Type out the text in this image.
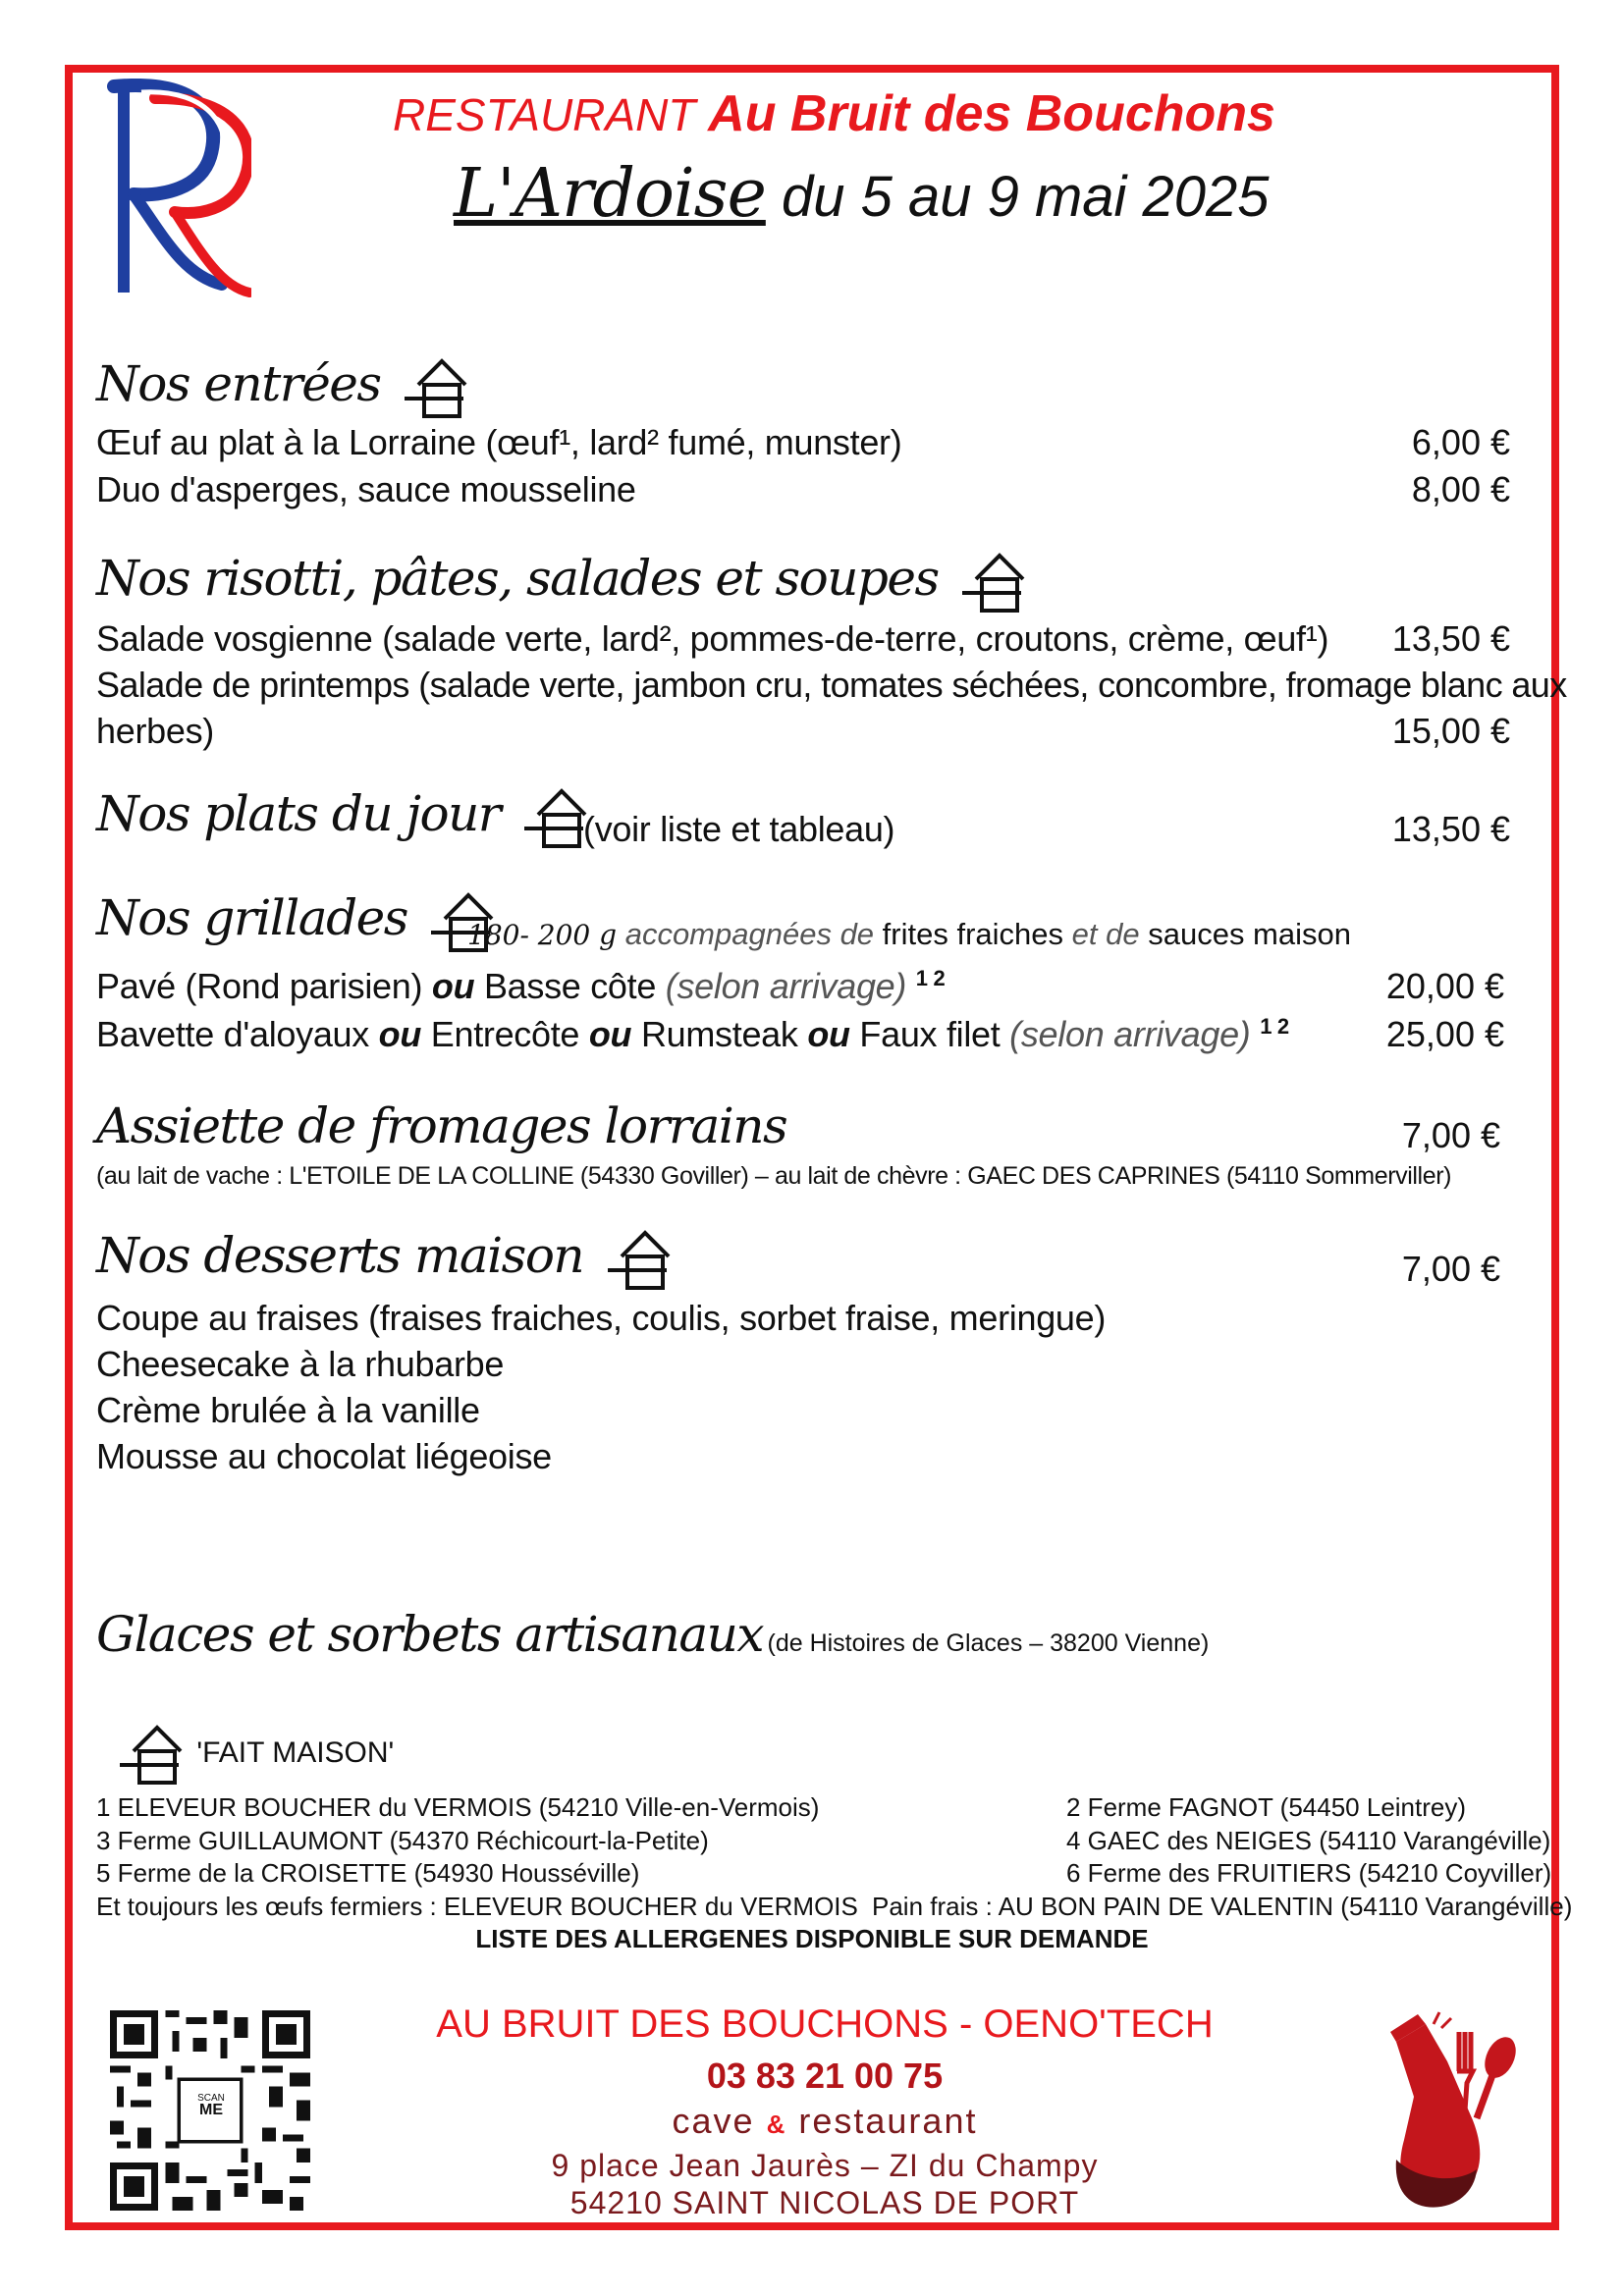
RESTAURANT Au Bruit des Bouchons
L'Ardoise du 5 au 9 mai 2025
Nos entrées
Œuf au plat à la Lorraine (œuf¹, lard² fumé, munster)	6,00 €
Duo d'asperges, sauce mousseline	8,00 €
Nos risotti, pâtes, salades et soupes
Salade vosgienne (salade verte, lard², pommes-de-terre, croutons, crème, œuf¹) 13,50 €
Salade de printemps (salade verte, jambon cru, tomates séchées, concombre, fromage blanc aux
herbes)	15,00 €
Nos plats du jour	(voir liste et tableau)	13,50 €
Nos grillades	180- 200 g accompagnées de frites fraiches et de sauces maison
Pavé (Rond parisien) ou Basse côte (selon arrivage) $^{1 2}$	20,00 €
Bavette d'aloyaux ou Entrecôte ou Rumsteak ou Faux filet (selon arrivage) $^{1 2}$	25,00 €
Assiette de fromages lorrains	7,00 €
(au lait de vache : L'ETOILE DE LA COLLINE (54330 Goviller) – au lait de chèvre : GAEC DES CAPRINES (54110 Sommerviller)
Nos desserts maison	7,00 €
Coupe au fraises (fraises fraiches, coulis, sorbet fraise, meringue)
Cheesecake à la rhubarbe
Crème brulée à la vanille
Mousse au chocolat liégeoise
Glaces et sorbets artisanaux (de Histoires de Glaces – 38200 Vienne)
'FAIT MAISON'
1 ELEVEUR BOUCHER du VERMOIS (54210 Ville-en-Vermois)	2 Ferme FAGNOT (54450 Leintrey)
3 Ferme GUILLAUMONT (54370 Réchicourt-la-Petite)	4 GAEC des NEIGES (54110 Varangéville)
5 Ferme de la CROISETTE (54930 Housséville)	6 Ferme des FRUITIERS (54210 Coyviller)
Et toujours les œufs fermiers : ELEVEUR BOUCHER du VERMOIS Pain frais : AU BON PAIN DE VALENTIN (54110 Varangéville)
LISTE DES ALLERGENES DISPONIBLE SUR DEMANDE
SCAN
ME
AU BRUIT DES BOUCHONS - OENO'TECH
03 83 21 00 75
cave & restaurant
9 place Jean Jaurès – ZI du Champy
54210 SAINT NICOLAS DE PORT
